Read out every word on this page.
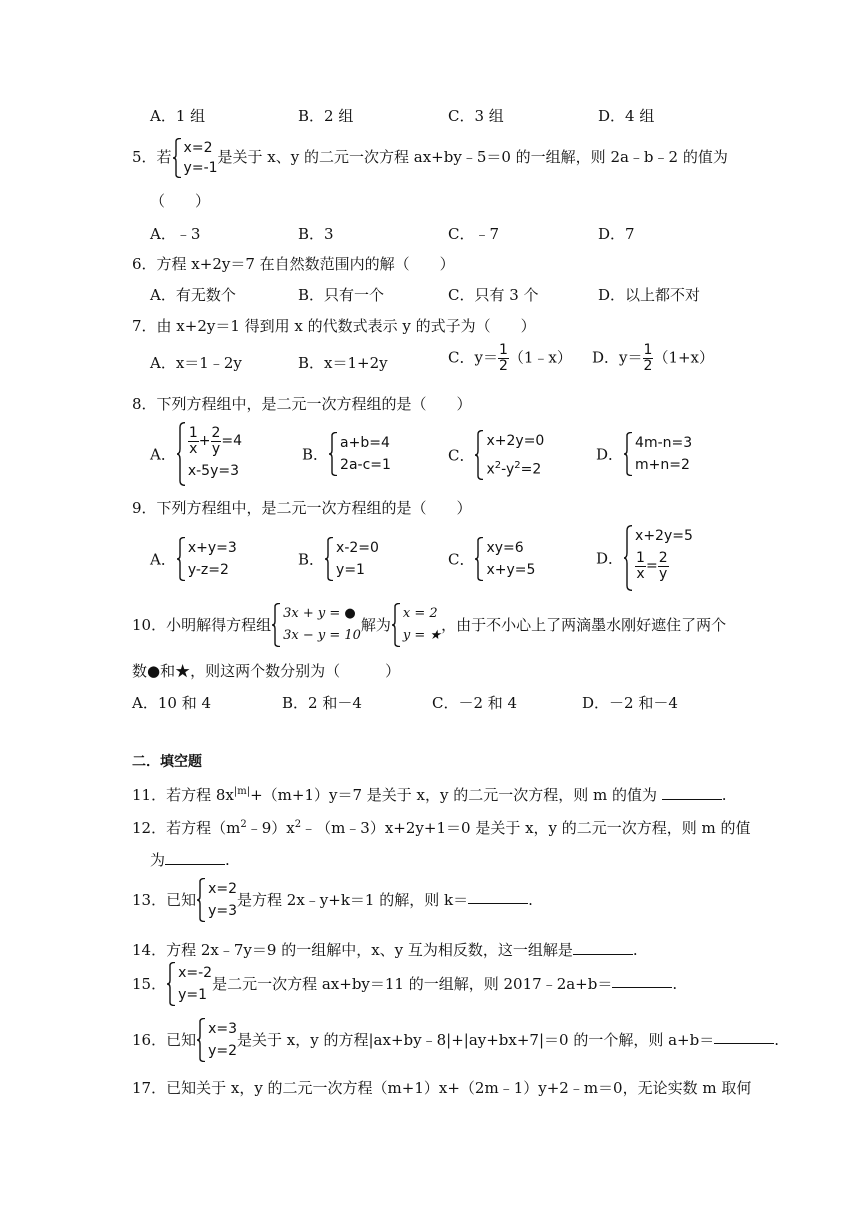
A．1 组	B．2 组	C．3 组	D．4 组
5．若 x=2
y=-1
是关于 x、y 的二元一次方程 ax+by﹣5＝0 的一组解，则 2a﹣b﹣2 的值为
（　　）
A．﹣3	B．3	C．﹣7	D．7
6．方程 x+2y＝7 在自然数范围内的解（　　）
A．有无数个	B．只有一个	C．只有 3 个	D．以上都不对
7．由 x+2y＝1 得到用 x 的代数式表示 y 的式子为（　　）
A．x＝1﹣2y	B．x＝1+2y	C．$y= \frac{1}{2}$ （1﹣x） D．$y= \frac{1}{2} (1+x)$
8．下列方程组中，是二元一次方程组的是（　　）
A． $\frac{1}{x} + \frac{2}{y} =4$
x-5y=3
B．
a+b=4
2a-c=1
C．
x+2y=0
$x^2-y^2=2$
D．
4m-n=3
m+n=2
9．下列方程组中，是二元一次方程组的是（　　）
A．
x+y=3
y-z=2
B．
x-2=0
y=1
C．
xy=6
x+y=5
D．
x+2y=5
$\frac{1}{x} = \frac{2}{y}$
10．小明解得方程组
3x + y = ●
3x − y = 10
解为
x = 2
y = ★
，由于不小心上了两滴墨水刚好遮住了两个
数●和★，则这两个数分别为（　　　）
A．10 和 4	B．2 和－4	C．－2 和 4	D．－2 和－4
二．填空题
11．若方程 $8x^{|m|}+(m+1)y=7$ 是关于 x，y 的二元一次方程，则 m 的值为	.
12．若方程$(m^2﹣9)x^2﹣(m﹣3)x+2y+1=0$ 是关于 x，y 的二元一次方程，则 m 的值
为	.
13．已知
x=2
y=3
是方程 2x﹣y+k＝1 的解，则 k＝	.
14．方程 2x﹣7y＝9 的一组解中，x、y 互为相反数，这一组解是	.
15．
x=-2
y=1
是二元一次方程 ax+by＝11 的一组解，则 2017﹣2a+b＝	.
16．已知
x=3
y=2
是关于 x，y 的方程|ax+by﹣8|+|ay+bx+7|＝0 的一个解，则 a+b＝	.
17．已知关于 x，y 的二元一次方程（m+1）x+（2m﹣1）y+2﹣m＝0，无论实数 m 取何
